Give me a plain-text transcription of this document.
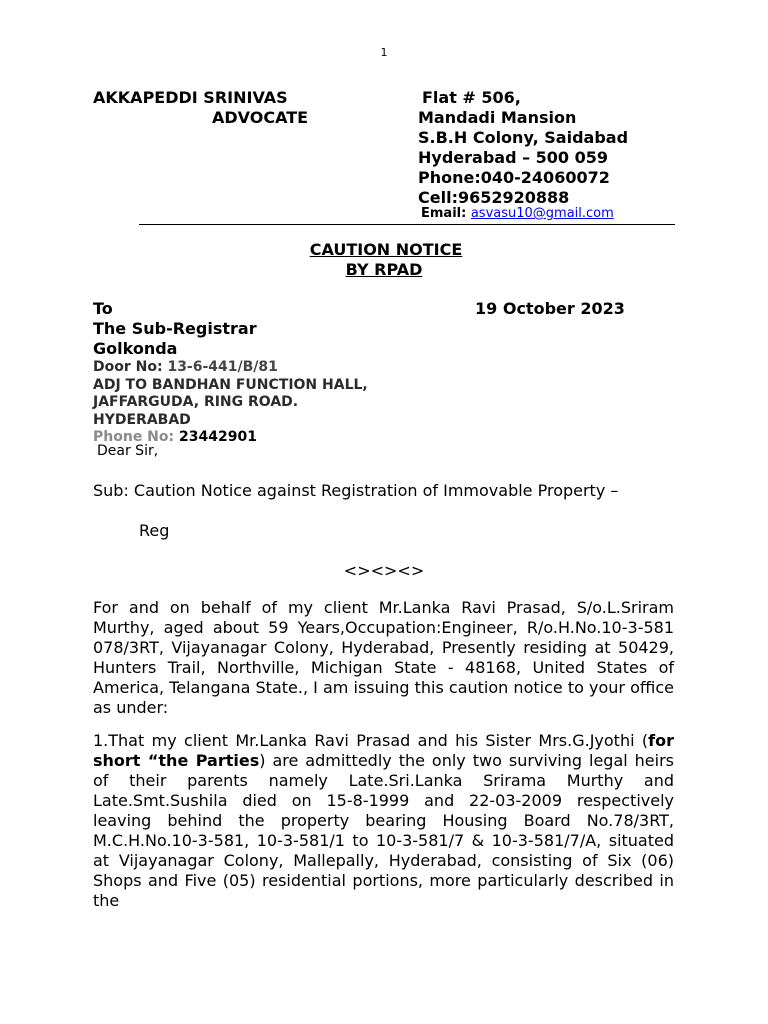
1
AKKAPEDDI SRINIVAS
ADVOCATE
Flat # 506,
Mandadi Mansion
S.B.H Colony, Saidabad
Hyderabad – 500 059
Phone:040-24060072
Cell:9652920888
Email: asvasu10@gmail.com
CAUTION NOTICE
BY RPAD
To	19 October 2023
The Sub-Registrar
Golkonda
Door No: 13-6-441/B/81
ADJ TO BANDHAN FUNCTION HALL,
JAFFARGUDA, RING ROAD.
HYDERABAD
Phone No: 23442901
Dear Sir,
Sub: Caution Notice against Registration of Immovable Property –
Reg
<><><>
For and on behalf of my client Mr.Lanka Ravi Prasad, S/o.L.Sriram Murthy, aged about 59 Years,Occupation:Engineer, R/o.H.No.10-3-581 078/3RT, Vijayanagar Colony, Hyderabad, Presently residing at 50429, Hunters Trail, Northville, Michigan State - 48168, United States of America, Telangana State., I am issuing this caution notice to your office as under:
1.That my client Mr.Lanka Ravi Prasad and his Sister Mrs.G.Jyothi (for short “the Parties) are admittedly the only two surviving legal heirs of their parents namely Late.Sri.Lanka Srirama Murthy and Late.Smt.Sushila died on 15-8-1999 and 22-03-2009 respectively leaving behind the property bearing Housing Board No.78/3RT, M.C.H.No.10-3-581, 10-3-581/1 to 10-3-581/7 & 10-3-581/7/A, situated at Vijayanagar Colony, Mallepally, Hyderabad, consisting of Six (06) Shops and Five (05) residential portions, more particularly described in the
